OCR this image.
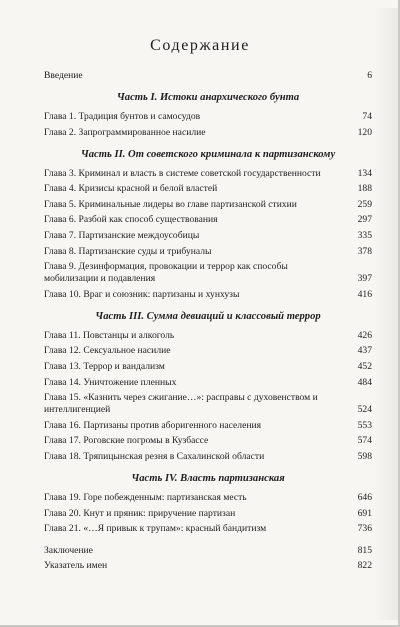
Содержание
Введение	6
Часть I. Истоки анархического бунта
Глава 1. Традиция бунтов и самосудов	74
Глава 2. Запрограммированное насилие	120
Часть II. От советского криминала к партизанскому
Глава 3. Криминал и власть в системе советской государственности	134
Глава 4. Кризисы красной и белой властей	188
Глава 5. Криминальные лидеры во главе партизанской стихии	259
Глава 6. Разбой как способ существования	297
Глава 7. Партизанские междоусобицы	335
Глава 8. Партизанские суды и трибуналы	378
Глава 9. Дезинформация, провокации и террор как способы мобилизации и подавления	397
Глава 10. Враг и союзник: партизаны и хунхузы	416
Часть III. Сумма девиаций и классовый террор
Глава 11. Повстанцы и алкоголь	426
Глава 12. Сексуальное насилие	437
Глава 13. Террор и вандализм	452
Глава 14. Уничтожение пленных	484
Глава 15. «Казнить через сжигание…»: расправы с духовенством и интеллигенцией	524
Глава 16. Партизаны против аборигенного населения	553
Глава 17. Роговские погромы в Кузбассе	574
Глава 18. Тряпицынская резня в Сахалинской области	598
Часть IV. Власть партизанская
Глава 19. Горе побежденным: партизанская месть	646
Глава 20. Кнут и пряник: приручение партизан	691
Глава 21. «…Я привык к трупам»: красный бандитизм	736
Заключение	815
Указатель имен	822
